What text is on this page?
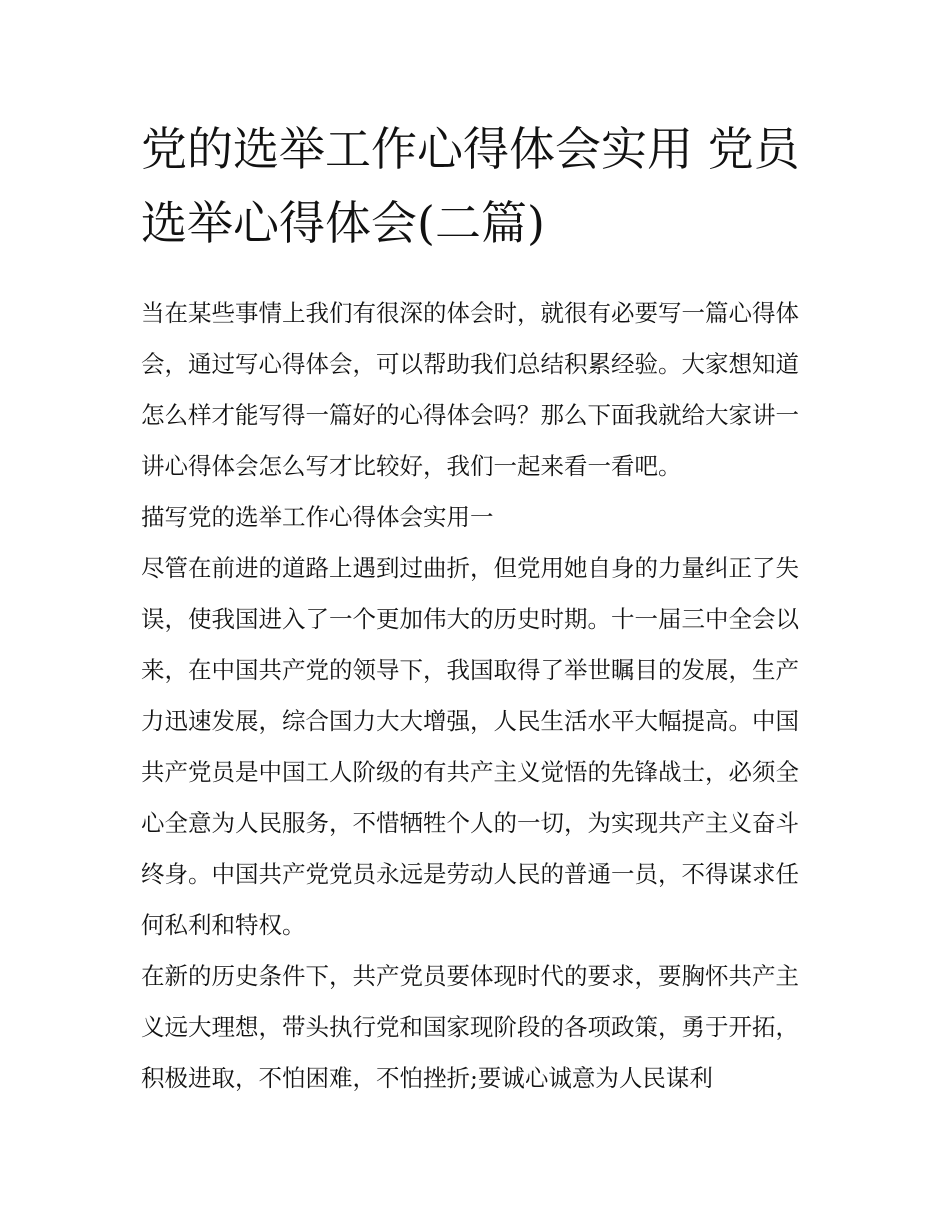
党的选举工作心得体会实用 党员选举心得体会(二篇)

当在某些事情上我们有很深的体会时，就很有必要写一篇心得体会，通过写心得体会，可以帮助我们总结积累经验。大家想知道怎么样才能写得一篇好的心得体会吗？那么下面我就给大家讲一讲心得体会怎么写才比较好，我们一起来看一看吧。

描写党的选举工作心得体会实用一

尽管在前进的道路上遇到过曲折，但党用她自身的力量纠正了失误，使我国进入了一个更加伟大的历史时期。十一届三中全会以来，在中国共产党的领导下，我国取得了举世瞩目的发展，生产力迅速发展，综合国力大大增强，人民生活水平大幅提高。中国共产党员是中国工人阶级的有共产主义觉悟的先锋战士，必须全心全意为人民服务，不惜牺牲个人的一切，为实现共产主义奋斗终身。中国共产党党员永远是劳动人民的普通一员，不得谋求任何私利和特权。

在新的历史条件下，共产党员要体现时代的要求，要胸怀共产主义远大理想，带头执行党和国家现阶段的各项政策，勇于开拓，积极进取，不怕困难，不怕挫折;要诚心诚意为人民谋利
